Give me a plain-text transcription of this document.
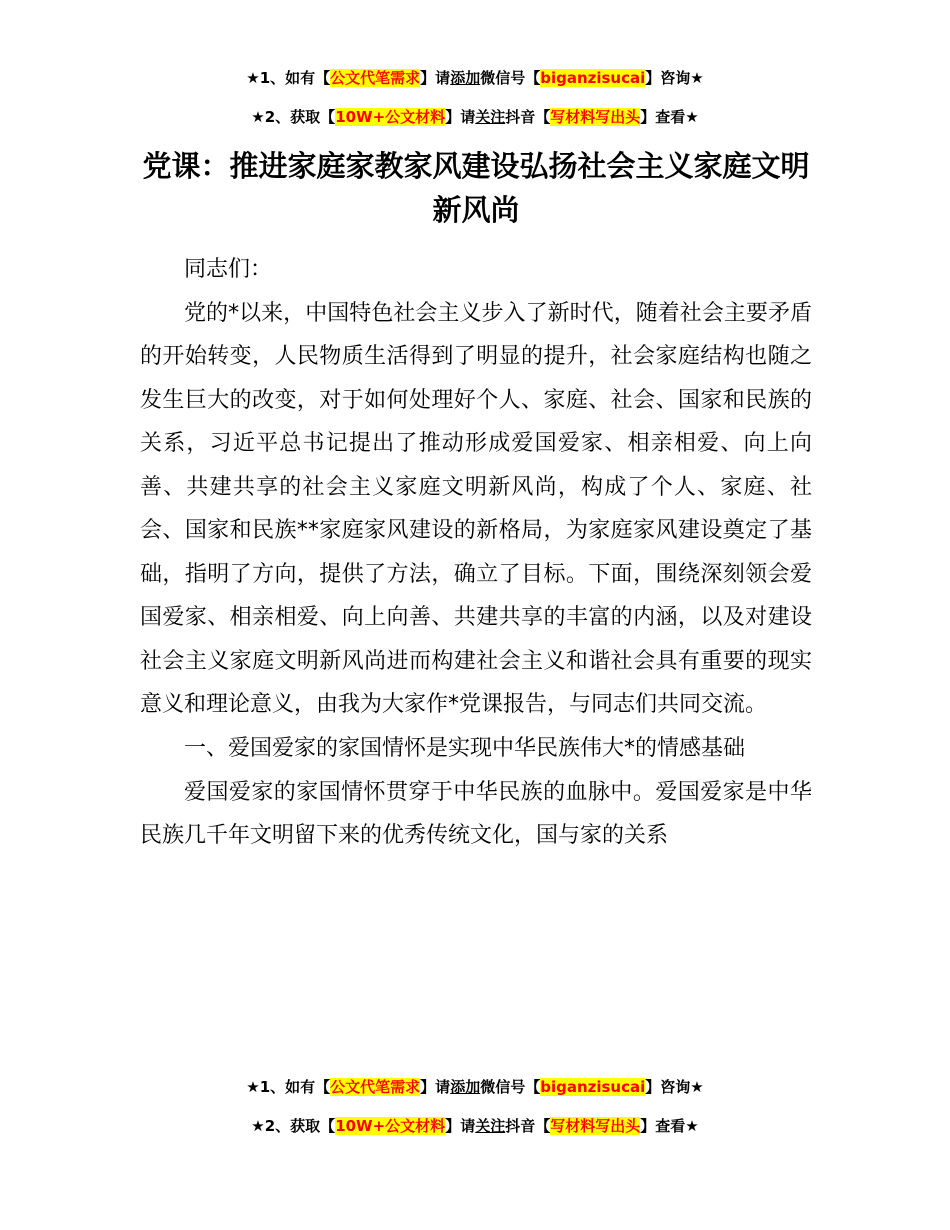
★1、如有【公文代笔需求】请添加微信号【biganzisucai】咨询★
★2、获取【10W+公文材料】请关注抖音【写材料写出头】查看★
党课：推进家庭家教家风建设弘扬社会主义家庭文明新风尚

同志们：

党的*以来，中国特色社会主义步入了新时代，随着社会主要矛盾的开始转变，人民物质生活得到了明显的提升，社会家庭结构也随之发生巨大的改变，对于如何处理好个人、家庭、社会、国家和民族的关系，习近平总书记提出了推动形成爱国爱家、相亲相爱、向上向善、共建共享的社会主义家庭文明新风尚，构成了个人、家庭、社会、国家和民族**家庭家风建设的新格局，为家庭家风建设奠定了基础，指明了方向，提供了方法，确立了目标。下面，围绕深刻领会爱国爱家、相亲相爱、向上向善、共建共享的丰富的内涵，以及对建设社会主义家庭文明新风尚进而构建社会主义和谐社会具有重要的现实意义和理论意义，由我为大家作*党课报告，与同志们共同交流。

一、爱国爱家的家国情怀是实现中华民族伟大*的情感基础

爱国爱家的家国情怀贯穿于中华民族的血脉中。爱国爱家是中华民族几千年文明留下来的优秀传统文化，国与家的关系

★1、如有【公文代笔需求】请添加微信号【biganzisucai】咨询★
★2、获取【10W+公文材料】请关注抖音【写材料写出头】查看★
